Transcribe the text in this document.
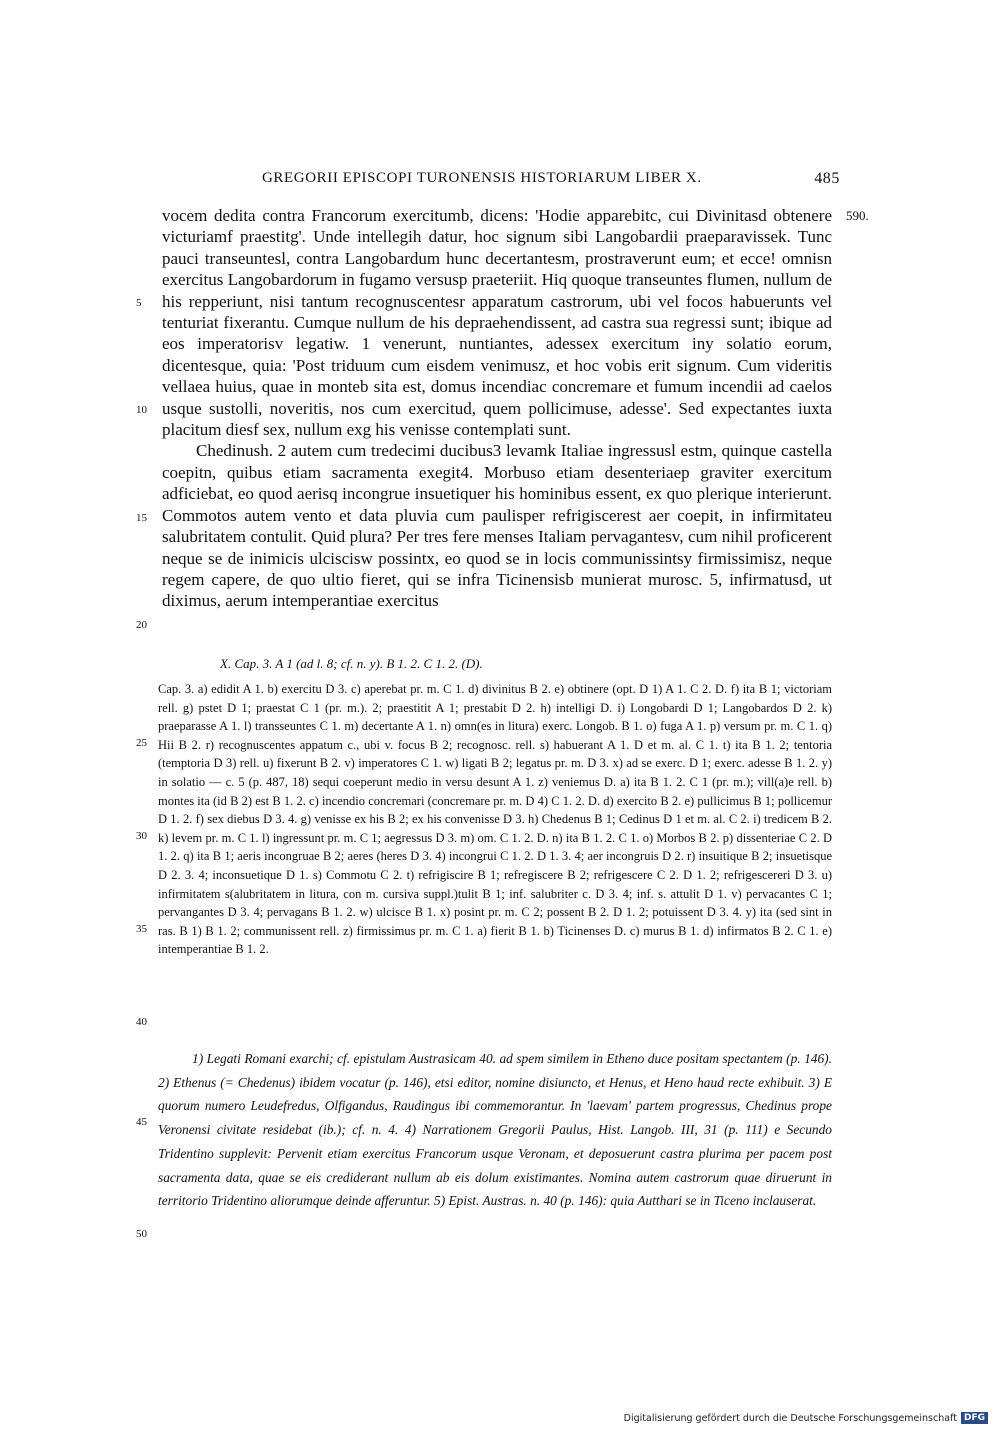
GREGORII EPISCOPI TURONENSIS HISTORIARUM LIBER X.	485
590.
5
10
15
20
25
30
35
40
45
50

vocem dedita contra Francorum exercitumb, dicens: 'Hodie apparebitc, cui Divinitasd obtenere victuriamf praestitg'. Unde intellegih datur, hoc signum sibi Langobardii praeparavissek. Tunc pauci transeuntesl, contra Langobardum hunc decertantesm, prostraverunt eum; et ecce! omnisn exercitus Langobardorum in fugamo versusp praeteriit. Hiq quoque transeuntes flumen, nullum de his repperiunt, nisi tantum recognuscentesr apparatum castrorum, ubi vel focos habuerunts vel tenturiat fixerantu. Cumque nullum de his depraehendissent, ad castra sua regressi sunt; ibique ad eos imperatorisv legatiw. 1 venerunt, nuntiantes, adessex exercitum iny solatio eorum, dicentesque, quia: 'Post triduum cum eisdem venimusz, et hoc vobis erit signum. Cum videritis vellaea huius, quae in monteb sita est, domus incendiac concremare et fumum incendii ad caelos usque sustolli, noveritis, nos cum exercitud, quem pollicimuse, adesse'. Sed expectantes iuxta placitum diesf sex, nullum exg his venisse contemplati sunt.

Chedinush. 2 autem cum tredecimi ducibus3 levamk Italiae ingressusl estm, quinque castella coepitn, quibus etiam sacramenta exegit4. Morbuso etiam desenteriaep graviter exercitum adficiebat, eo quod aerisq incongrue insuetiquer his hominibus essent, ex quo plerique interierunt. Commotos autem vento et data pluvia cum paulisper refrigiscerest aer coepit, in infirmitateu salubritatem contulit. Quid plura? Per tres fere menses Italiam pervagantesv, cum nihil proficerent neque se de inimicis ulciscisw possintx, eo quod se in locis communissintsy firmissimisz, neque regem capere, de quo ultio fieret, qui se infra Ticinensisb munierat murosc. 5, infirmatusd, ut diximus, aerum intemperantiae exercitus

X. Cap. 3. A 1 (ad l. 8; cf. n. y). B 1. 2. C 1. 2. (D).
Cap. 3. a) edidit A 1. b) exercitu D 3. c) aperebat pr. m. C 1. d) divinitus B 2. e) obtinere (opt. D 1) A 1. C 2. D. f) ita B 1; victoriam rell. g) pstet D 1; praestat C 1 (pr. m.). 2; praestitit A 1; prestabit D 2. h) intelligi D. i) Longobardi D 1; Langobardos D 2. k) praeparasse A 1. l) transseuntes C 1. m) decertante A 1. n) omn(es in litura) exerc. Longob. B 1. o) fuga A 1. p) versum pr. m. C 1. q) Hii B 2. r) recognuscentes appatum c., ubi v. focus B 2; recognosc. rell. s) habuerant A 1. D et m. al. C 1. t) ita B 1. 2; tentoria (temptoria D 3) rell. u) fixerunt B 2. v) imperatores C 1. w) ligati B 2; legatus pr. m. D 3. x) ad se exerc. D 1; exerc. adesse B 1. 2. y) in solatio — c. 5 (p. 487, 18) sequi coeperunt medio in versu desunt A 1. z) veniemus D. a) ita B 1. 2. C 1 (pr. m.); vill(a)e rell. b) montes ita (id B 2) est B 1. 2. c) incendio concremari (concremare pr. m. D 4) C 1. 2. D. d) exercito B 2. e) pullicimus B 1; pollicemur D 1. 2. f) sex diebus D 3. 4. g) venisse ex his B 2; ex his convenisse D 3. h) Chedenus B 1; Cedinus D 1 et m. al. C 2. i) tredicem B 2. k) levem pr. m. C 1. l) ingressunt pr. m. C 1; aegressus D 3. m) om. C 1. 2. D. n) ita B 1. 2. C 1. o) Morbos B 2. p) dissenteriae C 2. D 1. 2. q) ita B 1; aeris incongruae B 2; aeres (heres D 3. 4) incongrui C 1. 2. D 1. 3. 4; aer incongruis D 2. r) insuitique B 2; insuetisque D 2. 3. 4; inconsuetique D 1. s) Commotu C 2. t) refrigiscire B 1; refregiscere B 2; refrigescere C 2. D 1. 2; refrigescereri D 3. u) infirmitatem s(alubritatem in litura, con m. cursiva suppl.)tulit B 1; inf. salubriter c. D 3. 4; inf. s. attulit D 1. v) pervacantes C 1; pervangantes D 3. 4; pervagans B 1. 2. w) ulcisce B 1. x) posint pr. m. C 2; possent B 2. D 1. 2; potuissent D 3. 4. y) ita (sed sint in ras. B 1) B 1. 2; communissent rell. z) firmissimus pr. m. C 1. a) fierit B 1. b) Ticinenses D. c) murus B 1. d) infirmatos B 2. C 1. e) intemperantiae B 1. 2.
1) Legati Romani exarchi; cf. epistulam Austrasicam 40. ad spem similem in Etheno duce positam spectantem (p. 146). 2) Ethenus (= Chedenus) ibidem vocatur (p. 146), etsi editor, nomine disiuncto, et Henus, et Heno haud recte exhibuit. 3) E quorum numero Leudefredus, Olfigandus, Raudingus ibi commemorantur. In 'laevam' partem progressus, Chedinus prope Veronensi civitate residebat (ib.); cf. n. 4. 4) Narrationem Gregorii Paulus, Hist. Langob. III, 31 (p. 111) e Secundo Tridentino supplevit: Pervenit etiam exercitus Francorum usque Veronam, et deposuerunt castra plurima per pacem post sacramenta data, quae se eis crediderant nullum ab eis dolum existimantes. Nomina autem castrorum quae diruerunt in territorio Tridentino aliorumque deinde afferuntur. 5) Epist. Austras. n. 40 (p. 146): quia Autthari se in Ticeno inclauserat.
Digitalisierung gefördert durch die Deutsche Forschungsgemeinschaft DFG
